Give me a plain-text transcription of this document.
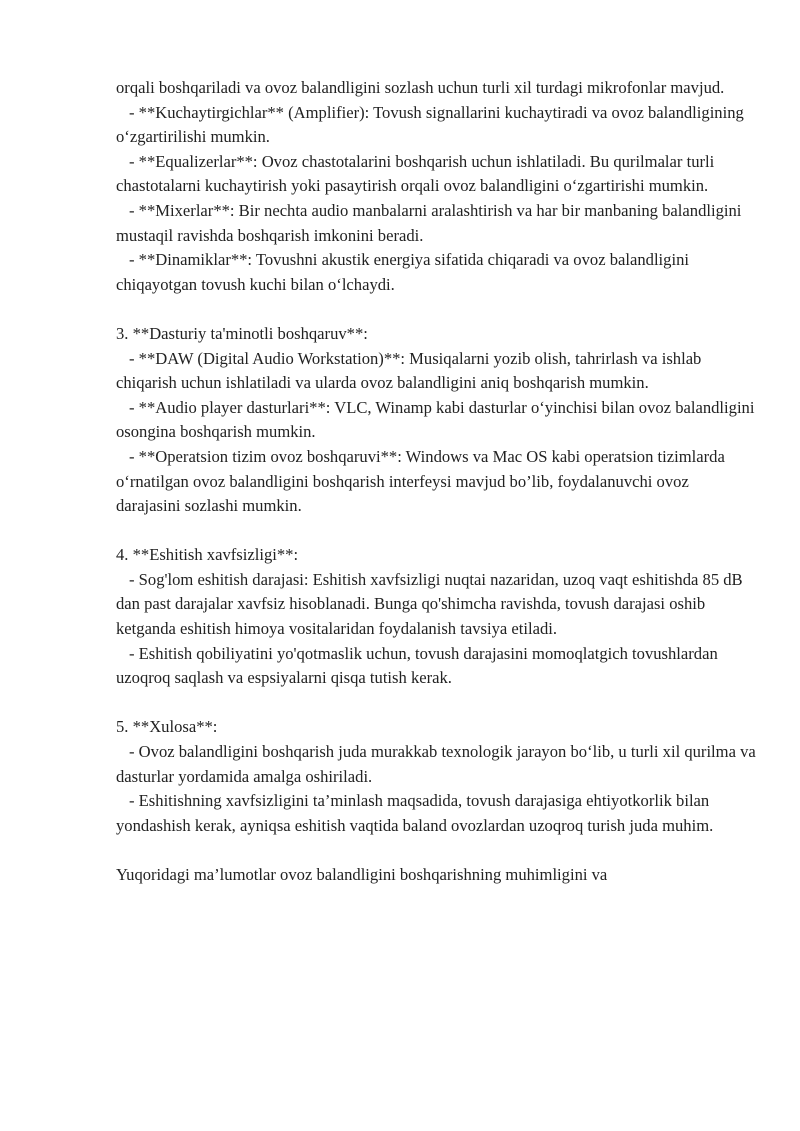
orqali boshqariladi va ovoz balandligini sozlash uchun turli xil turdagi mikrofonlar mavjud.

- **Kuchaytirgichlar** (Amplifier): Tovush signallarini kuchaytiradi va ovoz balandligining o‘zgartirilishi mumkin.

- **Equalizerlar**: Ovoz chastotalarini boshqarish uchun ishlatiladi. Bu qurilmalar turli chastotalarni kuchaytirish yoki pasaytirish orqali ovoz balandligini o‘zgartirishi mumkin.

- **Mixerlar**: Bir nechta audio manbalarni aralashtirish va har bir manbaning balandligini mustaqil ravishda boshqarish imkonini beradi.

- **Dinamiklar**: Tovushni akustik energiya sifatida chiqaradi va ovoz balandligini chiqayotgan tovush kuchi bilan o‘lchaydi.

3. **Dasturiy ta'minotli boshqaruv**:

- **DAW (Digital Audio Workstation)**: Musiqalarni yozib olish, tahrirlash va ishlab chiqarish uchun ishlatiladi va ularda ovoz balandligini aniq boshqarish mumkin.

- **Audio player dasturlari**: VLC, Winamp kabi dasturlar o‘yinchisi bilan ovoz balandligini osongina boshqarish mumkin.

- **Operatsion tizim ovoz boshqaruvi**: Windows va Mac OS kabi operatsion tizimlarda o‘rnatilgan ovoz balandligini boshqarish interfeysi mavjud bo’lib, foydalanuvchi ovoz darajasini sozlashi mumkin.

4. **Eshitish xavfsizligi**:

- Sog'lom eshitish darajasi: Eshitish xavfsizligi nuqtai nazaridan, uzoq vaqt eshitishda 85 dB dan past darajalar xavfsiz hisoblanadi. Bunga qo'shimcha ravishda, tovush darajasi oshib ketganda eshitish himoya vositalaridan foydalanish tavsiya etiladi.

- Eshitish qobiliyatini yo'qotmaslik uchun, tovush darajasini momoqlatgich tovushlardan uzoqroq saqlash va espsiyalarni qisqa tutish kerak.

5. **Xulosa**:

- Ovoz balandligini boshqarish juda murakkab texnologik jarayon bo‘lib, u turli xil qurilma va dasturlar yordamida amalga oshiriladi.

- Eshitishning xavfsizligini ta’minlash maqsadida, tovush darajasiga ehtiyotkorlik bilan yondashish kerak, ayniqsa eshitish vaqtida baland ovozlardan uzoqroq turish juda muhim.

Yuqoridagi ma’lumotlar ovoz balandligini boshqarishning muhimligini va
